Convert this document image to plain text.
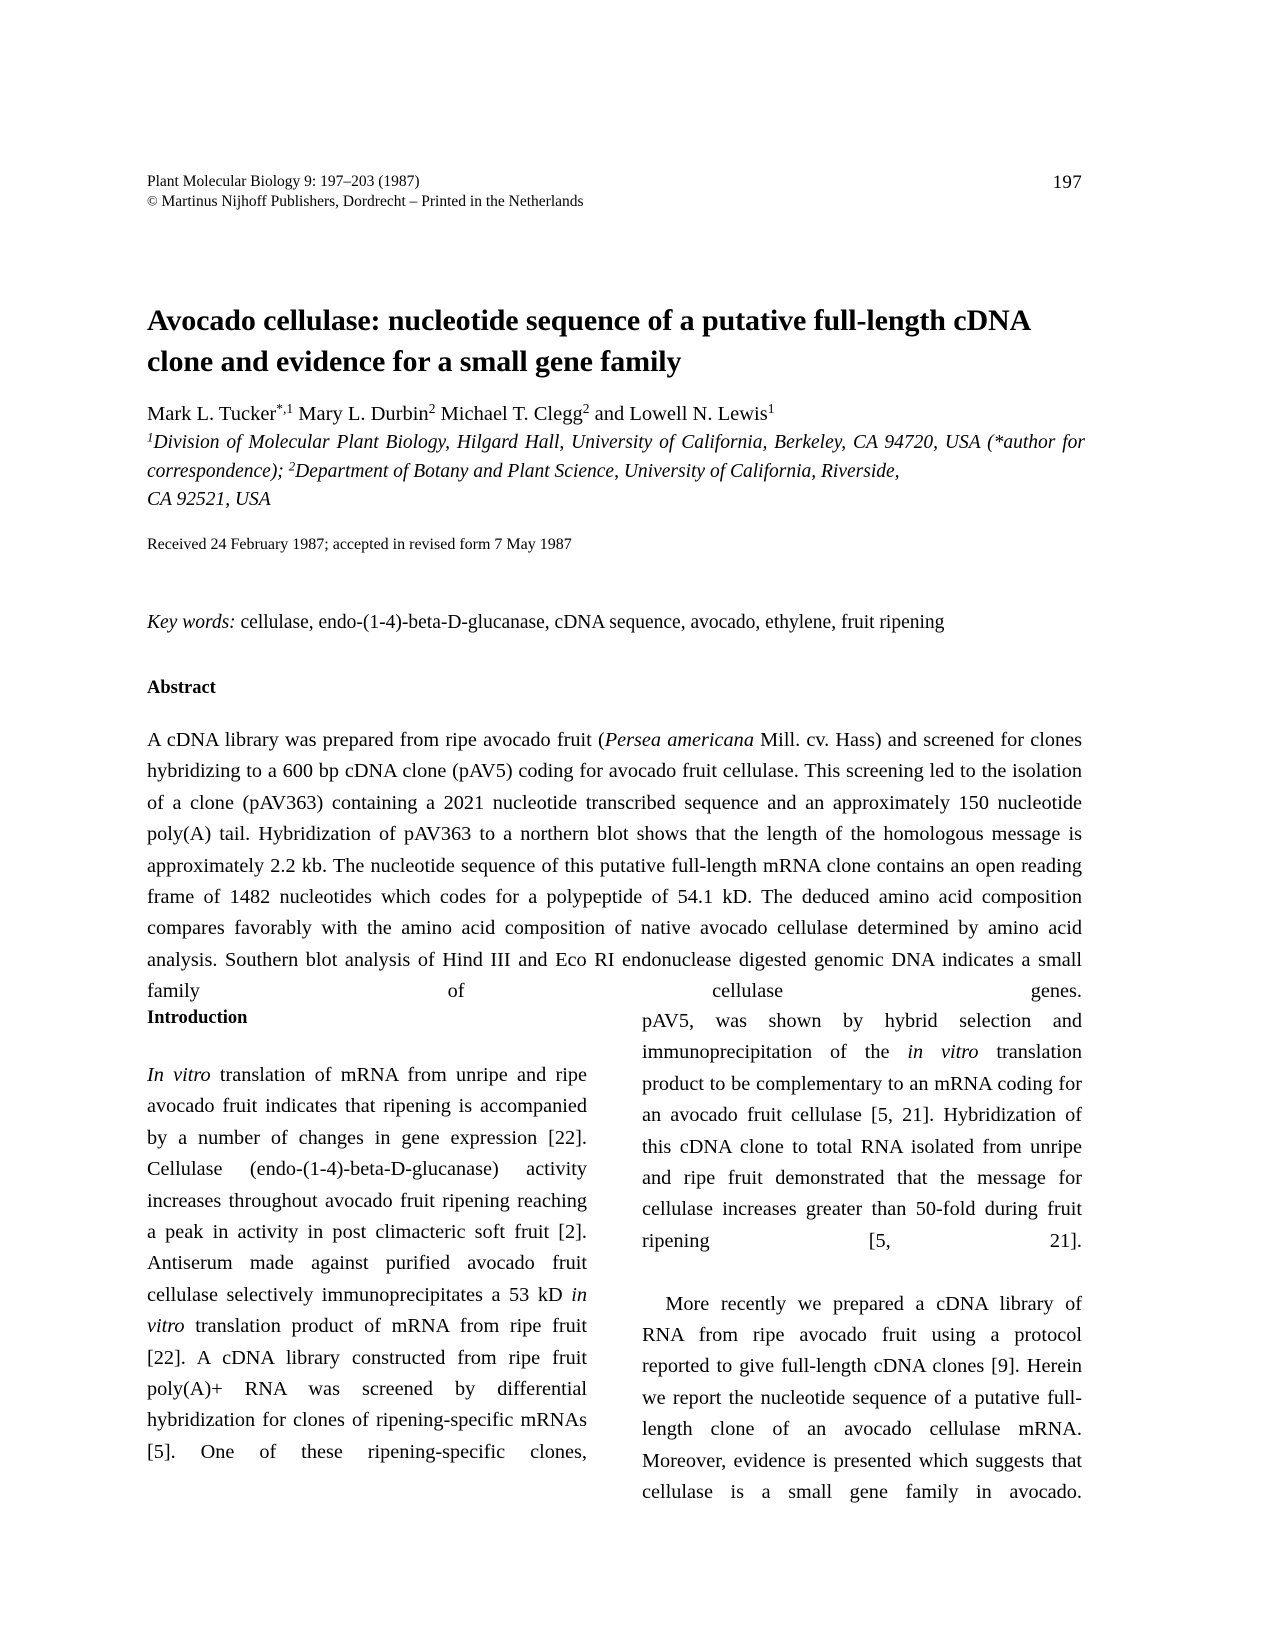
197
Plant Molecular Biology 9: 197–203 (1987)
© Martinus Nijhoff Publishers, Dordrecht – Printed in the Netherlands
Avocado cellulase: nucleotide sequence of a putative full-length cDNA clone and evidence for a small gene family
Mark L. Tucker$^{*,1}$ Mary L. Durbin$^2$ Michael T. Clegg$^2$ and Lowell N. Lewis$^1$
$^1$Division of Molecular Plant Biology, Hilgard Hall, University of California, Berkeley, CA 94720, USA (*author for correspondence); $^2$Department of Botany and Plant Science, University of California, Riverside,
CA 92521, USA
Received 24 February 1987; accepted in revised form 7 May 1987
Key words: cellulase, endo-(1-4)-beta-D-glucanase, cDNA sequence, avocado, ethylene, fruit ripening
Abstract

A cDNA library was prepared from ripe avocado fruit (Persea americana Mill. cv. Hass) and screened for clones hybridizing to a 600 bp cDNA clone (pAV5) coding for avocado fruit cellulase. This screening led to the isolation of a clone (pAV363) containing a 2021 nucleotide transcribed sequence and an approximately 150 nucleotide poly(A) tail. Hybridization of pAV363 to a northern blot shows that the length of the homologous message is approximately 2.2 kb. The nucleotide sequence of this putative full-length mRNA clone contains an open reading frame of 1482 nucleotides which codes for a polypeptide of 54.1 kD. The deduced amino acid composition compares favorably with the amino acid composition of native avocado cellulase determined by amino acid analysis. Southern blot analysis of Hind III and Eco RI endonuclease digested genomic DNA indicates a small family of cellulase genes.

Introduction

In vitro translation of mRNA from unripe and ripe avocado fruit indicates that ripening is accompanied by a number of changes in gene expression [22]. Cellulase (endo-(1-4)-beta-D-glucanase) activity increases throughout avocado fruit ripening reaching a peak in activity in post climacteric soft fruit [2]. Antiserum made against purified avocado fruit cellulase selectively immunoprecipitates a 53 kD in vitro translation product of mRNA from ripe fruit [22]. A cDNA library constructed from ripe fruit poly(A)+ RNA was screened by differential hybridization for clones of ripening-specific mRNAs [5]. One of these ripening-specific clones,

pAV5, was shown by hybrid selection and immunoprecipitation of the in vitro translation product to be complementary to an mRNA coding for an avocado fruit cellulase [5, 21]. Hybridization of this cDNA clone to total RNA isolated from unripe and ripe fruit demonstrated that the message for cellulase increases greater than 50-fold during fruit ripening [5, 21].

More recently we prepared a cDNA library of RNA from ripe avocado fruit using a protocol reported to give full-length cDNA clones [9]. Herein we report the nucleotide sequence of a putative full-length clone of an avocado cellulase mRNA. Moreover, evidence is presented which suggests that cellulase is a small gene family in avocado.
